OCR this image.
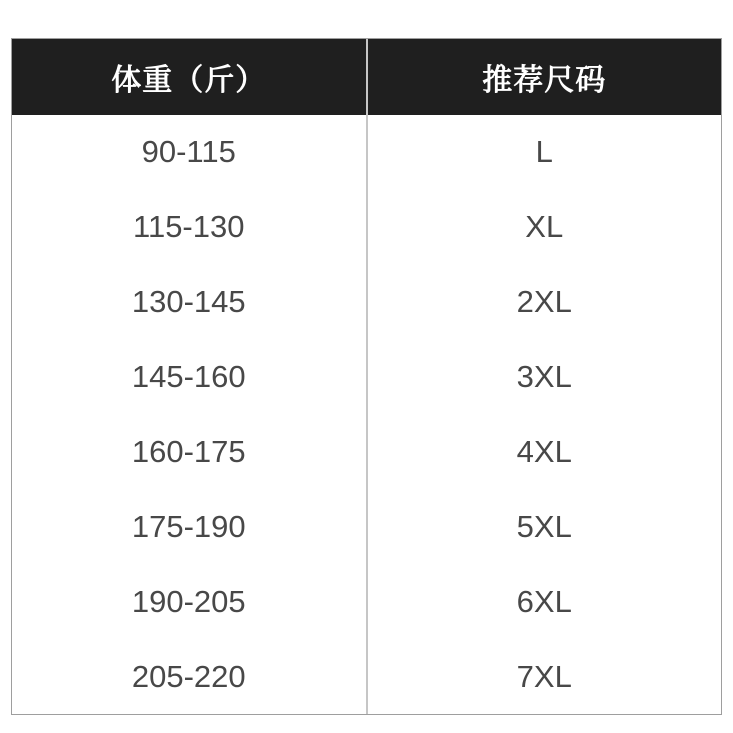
体重（斤）	推荐尺码
90-115	L
115-130	XL
130-145	2XL
145-160	3XL
160-175	4XL
175-190	5XL
190-205	6XL
205-220	7XL
